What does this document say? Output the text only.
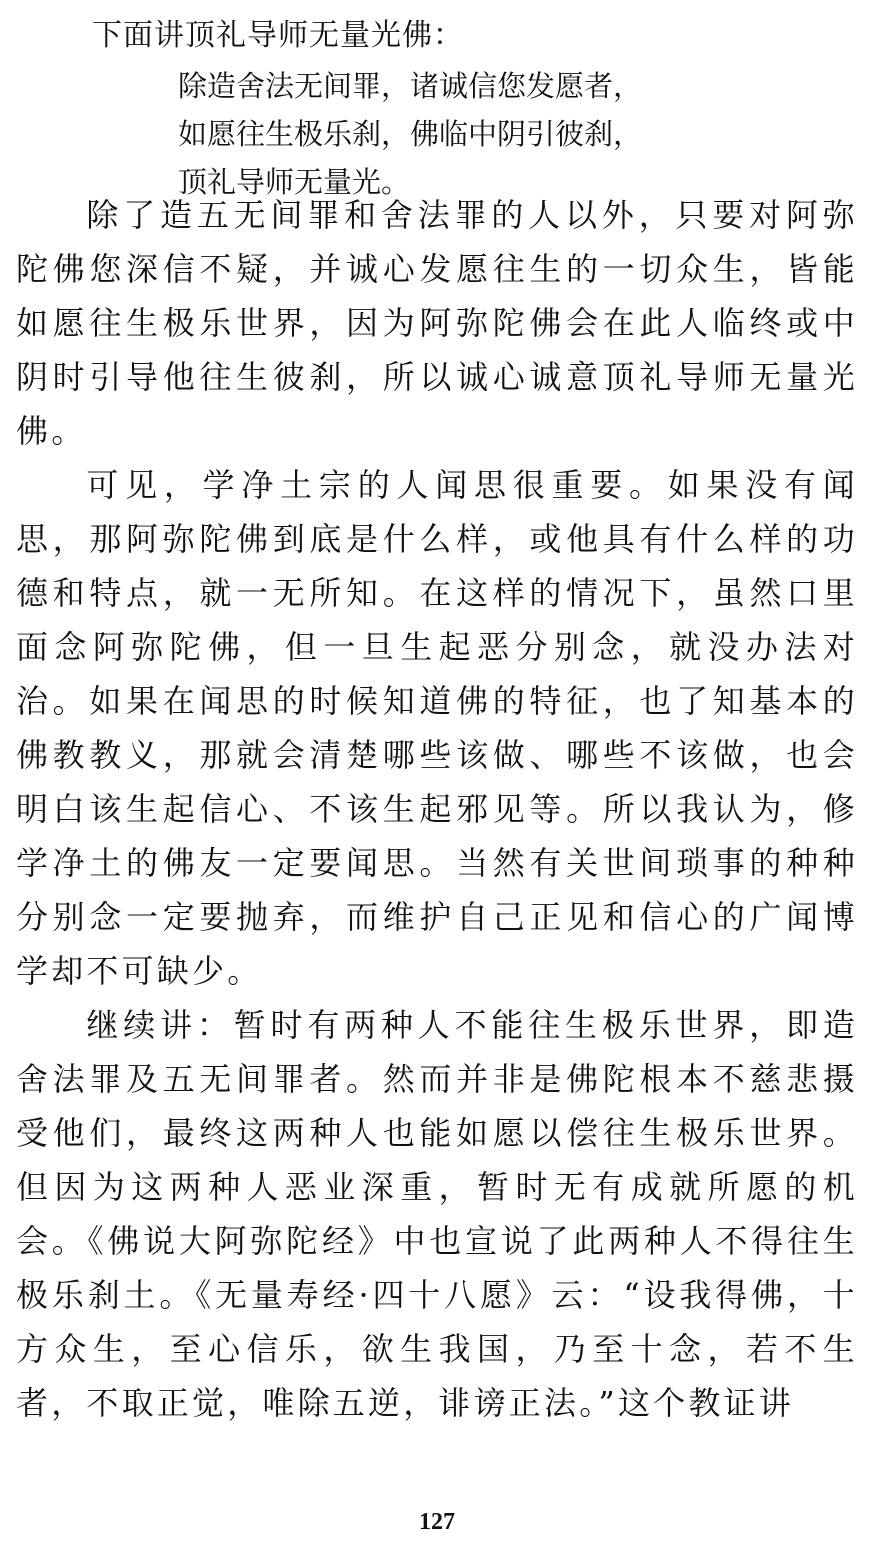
下面讲顶礼导师无量光佛：
除造舍法无间罪，诸诚信您发愿者，
如愿往生极乐刹，佛临中阴引彼刹，
顶礼导师无量光。

除了造五无间罪和舍法罪的人以外，只要对阿弥陀佛您深信不疑，并诚心发愿往生的一切众生，皆能如愿往生极乐世界，因为阿弥陀佛会在此人临终或中阴时引导他往生彼刹，所以诚心诚意顶礼导师无量光佛。

可见，学净土宗的人闻思很重要。如果没有闻思，那阿弥陀佛到底是什么样，或他具有什么样的功德和特点，就一无所知。在这样的情况下，虽然口里面念阿弥陀佛，但一旦生起恶分别念，就没办法对治。如果在闻思的时候知道佛的特征，也了知基本的佛教教义，那就会清楚哪些该做、哪些不该做，也会明白该生起信心、不该生起邪见等。所以我认为，修学净土的佛友一定要闻思。当然有关世间琐事的种种分别念一定要抛弃，而维护自己正见和信心的广闻博学却不可缺少。

继续讲：暂时有两种人不能往生极乐世界，即造舍法罪及五无间罪者。然而并非是佛陀根本不慈悲摄受他们，最终这两种人也能如愿以偿往生极乐世界。但因为这两种人恶业深重，暂时无有成就所愿的机会。《佛说大阿弥陀经》中也宣说了此两种人不得往生极乐刹土。《无量寿经·四十八愿》云：“设我得佛，十方众生，至心信乐，欲生我国，乃至十念，若不生者，不取正觉，唯除五逆，诽谤正法。”这个教证讲

127
